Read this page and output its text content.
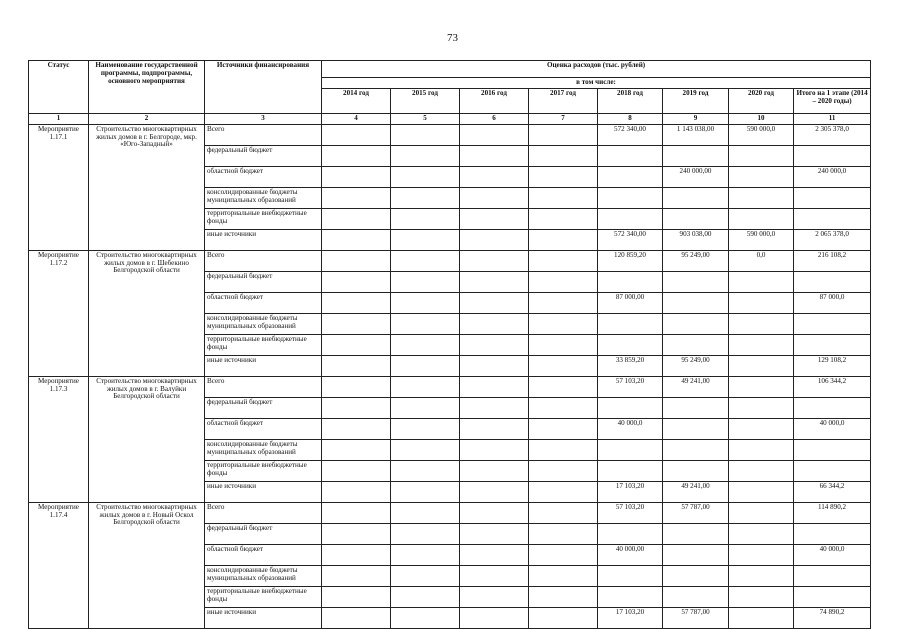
73
Статус	Наименование государственной программы, подпрограммы, основного мероприятия	Источники финансирования	Оценка расходов (тыс. рублей)							
			в том числе:							
			2014 год	2015 год	2016 год	2017 год	2018 год	2019 год	2020 год	Итого на 1 этапе (2014 – 2020 годы)
1	2	3	4	5	6	7	8	9	10	11
Мероприятие 1.17.1	Строительство многоквартирных жилых домов в г. Белгороде, мкр. «Юго-Западный»	Всего					572 340,00	1 143 038,00	590 000,0	2 305 378,0
		федеральный бюджет								
		областной бюджет						240 000,00		240 000,0
		консолидированные бюджеты муниципальных образований								
		территориальные внебюджетные фонды								
		иные источники					572 340,00	903 038,00	590 000,0	2 065 378,0
Мероприятие 1.17.2	Строительство многоквартирных жилых домов в г. Шебекино Белгородской области	Всего					120 859,20	95 249,00	0,0	216 108,2
		федеральный бюджет								
		областной бюджет					87 000,00			87 000,0
		консолидированные бюджеты муниципальных образований								
		территориальные внебюджетные фонды								
		иные источники					33 859,20	95 249,00		129 108,2
Мероприятие 1.17.3	Строительство многоквартирных жилых домов в г. Валуйки Белгородской области	Всего					57 103,20	49 241,00		106 344,2
		федеральный бюджет								
		областной бюджет					40 000,0			40 000,0
		консолидированные бюджеты муниципальных образований								
		территориальные внебюджетные фонды								
		иные источники					17 103,20	49 241,00		66 344,2
Мероприятие 1.17.4	Строительство многоквартирных жилых домов в г. Новый Оскол Белгородской области	Всего					57 103,20	57 787,00		114 890,2
		федеральный бюджет								
		областной бюджет					40 000,00			40 000,0
		консолидированные бюджеты муниципальных образований								
		территориальные внебюджетные фонды								
		иные источники					17 103,20	57 787,00		74 890,2
